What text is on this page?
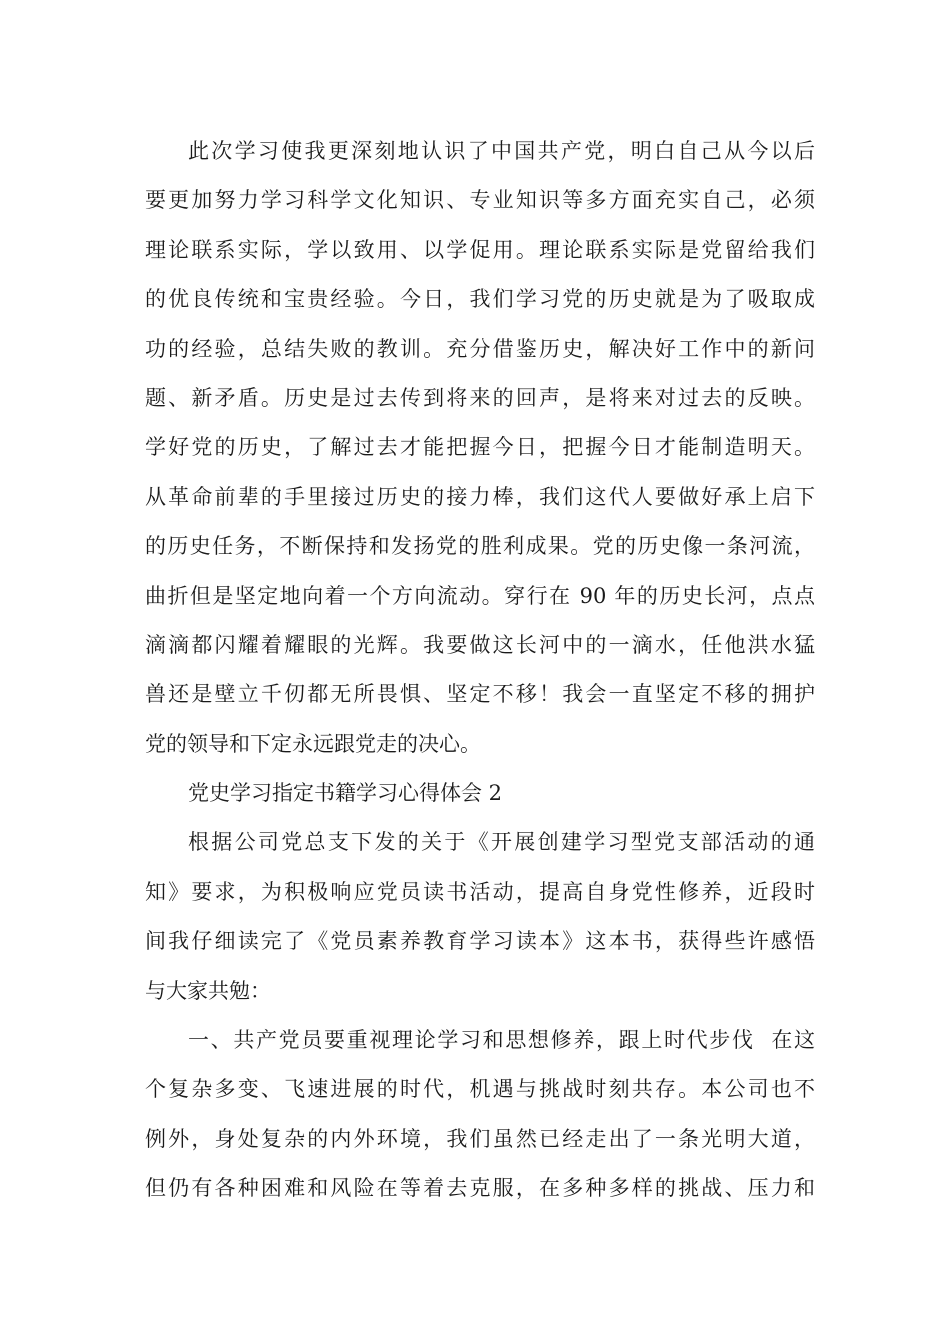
此次学习使我更深刻地认识了中国共产党，明白自己从今以后
要更加努力学习科学文化知识、专业知识等多方面充实自己，必须
理论联系实际，学以致用、以学促用。理论联系实际是党留给我们
的优良传统和宝贵经验。今日，我们学习党的历史就是为了吸取成
功的经验，总结失败的教训。充分借鉴历史，解决好工作中的新问
题、新矛盾。历史是过去传到将来的回声，是将来对过去的反映。
学好党的历史，了解过去才能把握今日，把握今日才能制造明天。
从革命前辈的手里接过历史的接力棒，我们这代人要做好承上启下
的历史任务，不断保持和发扬党的胜利成果。党的历史像一条河流，
曲折但是坚定地向着一个方向流动。穿行在 90 年的历史长河，点点
滴滴都闪耀着耀眼的光辉。我要做这长河中的一滴水，任他洪水猛
兽还是壁立千仞都无所畏惧、坚定不移！我会一直坚定不移的拥护
党的领导和下定永远跟党走的决心。
党史学习指定书籍学习心得体会 2
根据公司党总支下发的关于《开展创建学习型党支部活动的通
知》要求，为积极响应党员读书活动，提高自身党性修养，近段时
间我仔细读完了《党员素养教育学习读本》这本书，获得些许感悟
与大家共勉：
一、共产党员要重视理论学习和思想修养，跟上时代步伐  在这
个复杂多变、飞速进展的时代，机遇与挑战时刻共存。本公司也不
例外，身处复杂的内外环境，我们虽然已经走出了一条光明大道，
但仍有各种困难和风险在等着去克服，在多种多样的挑战、压力和
